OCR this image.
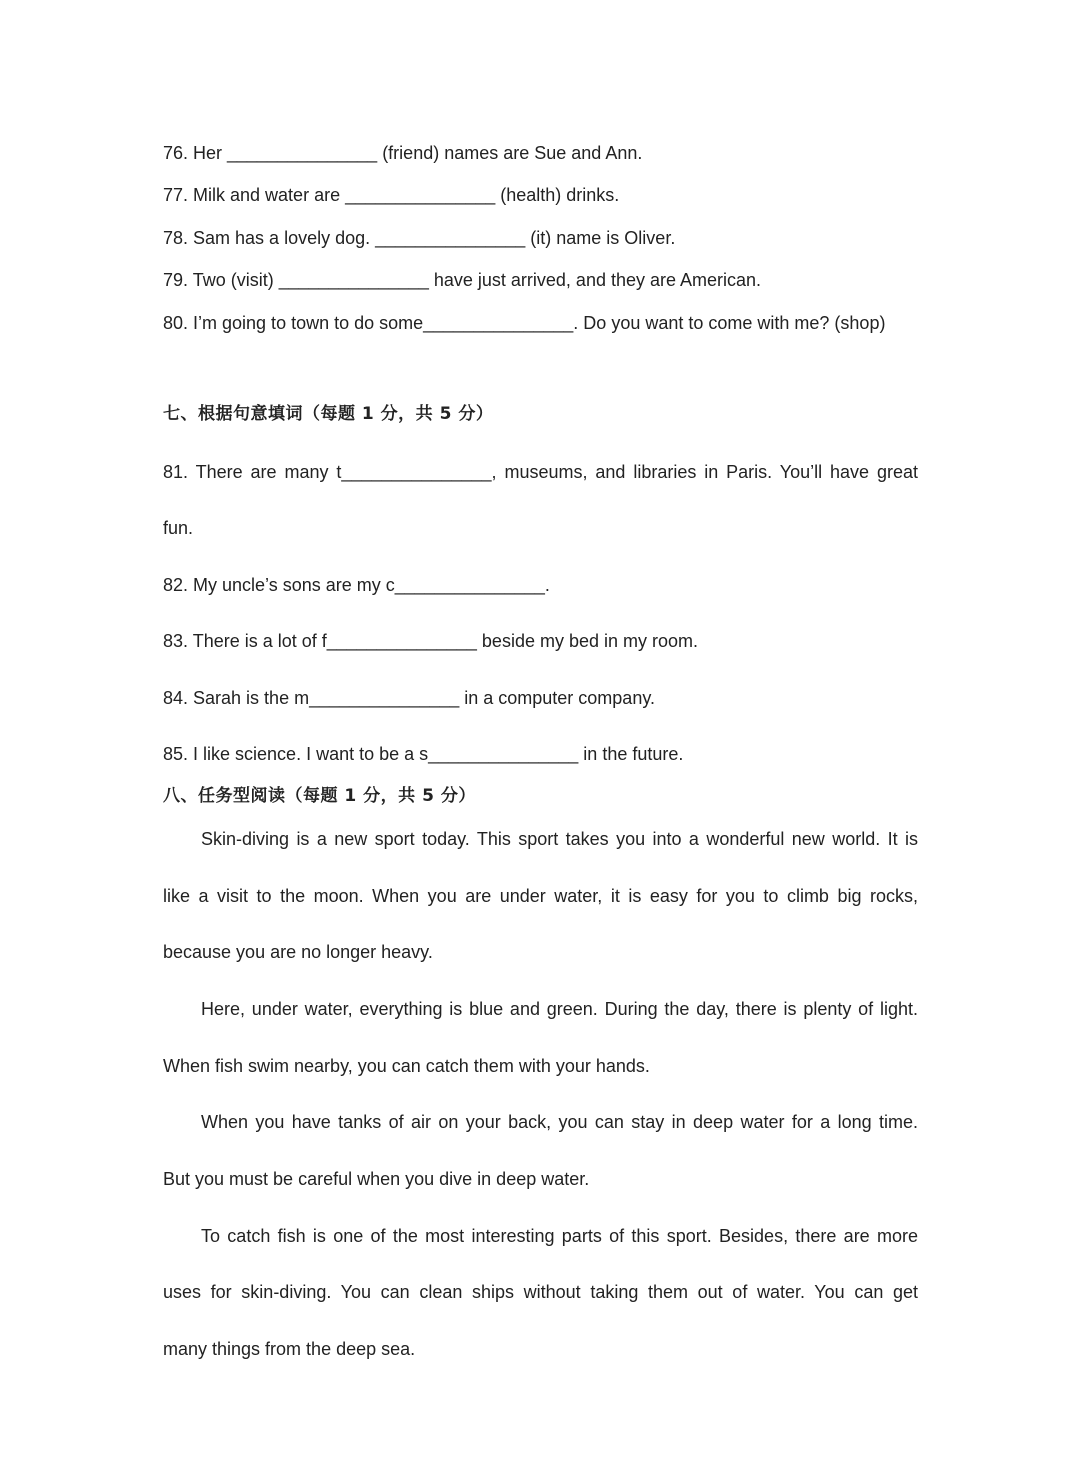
76. Her _______________ (friend) names are Sue and Ann.
77. Milk and water are _______________ (health) drinks.
78. Sam has a lovely dog. _______________ (it) name is Oliver.
79. Two (visit) _______________ have just arrived, and they are American.
80. I’m going to town to do some_______________. Do you want to come with me? (shop)
七、根据句意填词（每题 1 分，共 5 分）
81. There are many t_______________, museums, and libraries in Paris. You’ll have great
fun.
82. My uncle’s sons are my c_______________.
83. There is a lot of f_______________ beside my bed in my room.
84. Sarah is the m_______________ in a computer company.
85. I like science. I want to be a s_______________ in the future.
八、任务型阅读（每题 1 分，共 5 分）
Skin-diving is a new sport today. This sport takes you into a wonderful new world. It is
like a visit to the moon. When you are under water, it is easy for you to climb big rocks,
because you are no longer heavy.
Here, under water, everything is blue and green. During the day, there is plenty of light.
When fish swim nearby, you can catch them with your hands.
When you have tanks of air on your back, you can stay in deep water for a long time.
But you must be careful when you dive in deep water.
To catch fish is one of the most interesting parts of this sport. Besides, there are more
uses for skin-diving. You can clean ships without taking them out of water. You can get
many things from the deep sea.
